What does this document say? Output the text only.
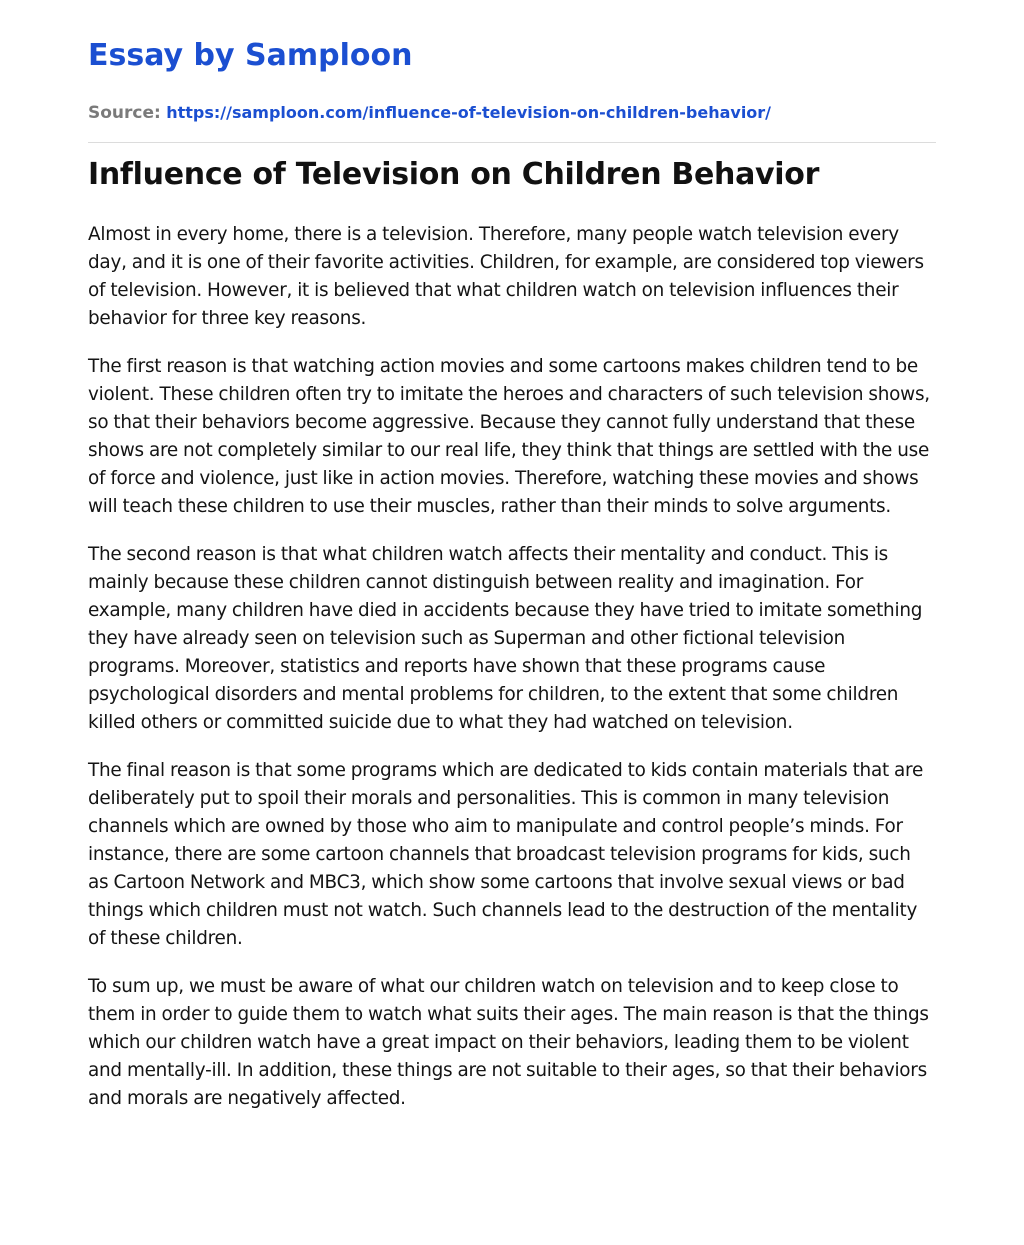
Essay by Samploon
Source: https://samploon.com/influence-of-television-on-children-behavior/
Influence of Television on Children Behavior

Almost in every home, there is a television. Therefore, many people watch television every day, and it is one of their favorite activities. Children, for example, are considered top viewers of television. However, it is believed that what children watch on television influences their behavior for three key reasons.

The first reason is that watching action movies and some cartoons makes children tend to be violent. These children often try to imitate the heroes and characters of such television shows, so that their behaviors become aggressive. Because they cannot fully understand that these shows are not completely similar to our real life, they think that things are settled with the use of force and violence, just like in action movies. Therefore, watching these movies and shows will teach these children to use their muscles, rather than their minds to solve arguments.

The second reason is that what children watch affects their mentality and conduct. This is mainly because these children cannot distinguish between reality and imagination. For example, many children have died in accidents because they have tried to imitate something they have already seen on television such as Superman and other fictional television programs. Moreover, statistics and reports have shown that these programs cause psychological disorders and mental problems for children, to the extent that some children killed others or committed suicide due to what they had watched on television.

The final reason is that some programs which are dedicated to kids contain materials that are deliberately put to spoil their morals and personalities. This is common in many television channels which are owned by those who aim to manipulate and control people’s minds. For instance, there are some cartoon channels that broadcast television programs for kids, such as Cartoon Network and MBC3, which show some cartoons that involve sexual views or bad things which children must not watch. Such channels lead to the destruction of the mentality of these children.

To sum up, we must be aware of what our children watch on television and to keep close to them in order to guide them to watch what suits their ages. The main reason is that the things which our children watch have a great impact on their behaviors, leading them to be violent and mentally-ill. In addition, these things are not suitable to their ages, so that their behaviors and morals are negatively affected.
